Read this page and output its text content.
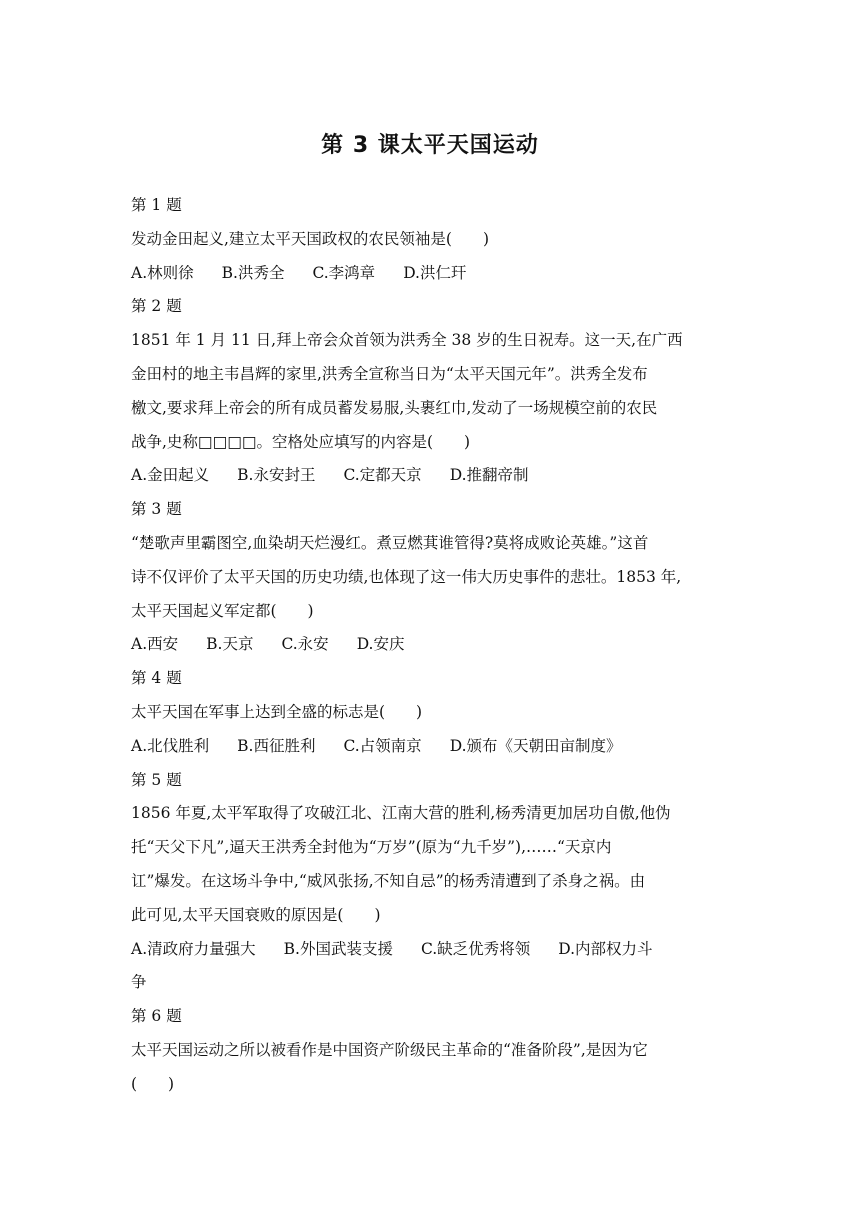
第 3 课太平天国运动
第 1 题
发动金田起义,建立太平天国政权的农民领袖是(　　)
A.林则徐 B.洪秀全 C.李鸿章 D.洪仁玕
第 2 题
1851 年 1 月 11 日,拜上帝会众首领为洪秀全 38 岁的生日祝寿。这一天,在广西
金田村的地主韦昌辉的家里,洪秀全宣称当日为“太平天国元年”。洪秀全发布
檄文,要求拜上帝会的所有成员蓄发易服,头裹红巾,发动了一场规模空前的农民
战争,史称□□□□。空格处应填写的内容是(　　)
A.金田起义 B.永安封王 C.定都天京 D.推翻帝制
第 3 题
“楚歌声里霸图空,血染胡天烂漫红。煮豆燃萁谁管得?莫将成败论英雄。”这首
诗不仅评价了太平天国的历史功绩,也体现了这一伟大历史事件的悲壮。1853 年,
太平天国起义军定都(　　)
A.西安 B.天京 C.永安 D.安庆
第 4 题
太平天国在军事上达到全盛的标志是(　　)
A.北伐胜利 B.西征胜利 C.占领南京 D.颁布《天朝田亩制度》
第 5 题
1856 年夏,太平军取得了攻破江北、江南大营的胜利,杨秀清更加居功自傲,他伪
托“天父下凡”,逼天王洪秀全封他为“万岁”(原为“九千岁”),……“天京内
讧”爆发。在这场斗争中,“威风张扬,不知自忌”的杨秀清遭到了杀身之祸。由
此可见,太平天国衰败的原因是(　　)
A.清政府力量强大 B.外国武装支援 C.缺乏优秀将领 D.内部权力斗
争
第 6 题
太平天国运动之所以被看作是中国资产阶级民主革命的“准备阶段”,是因为它
(　　)
